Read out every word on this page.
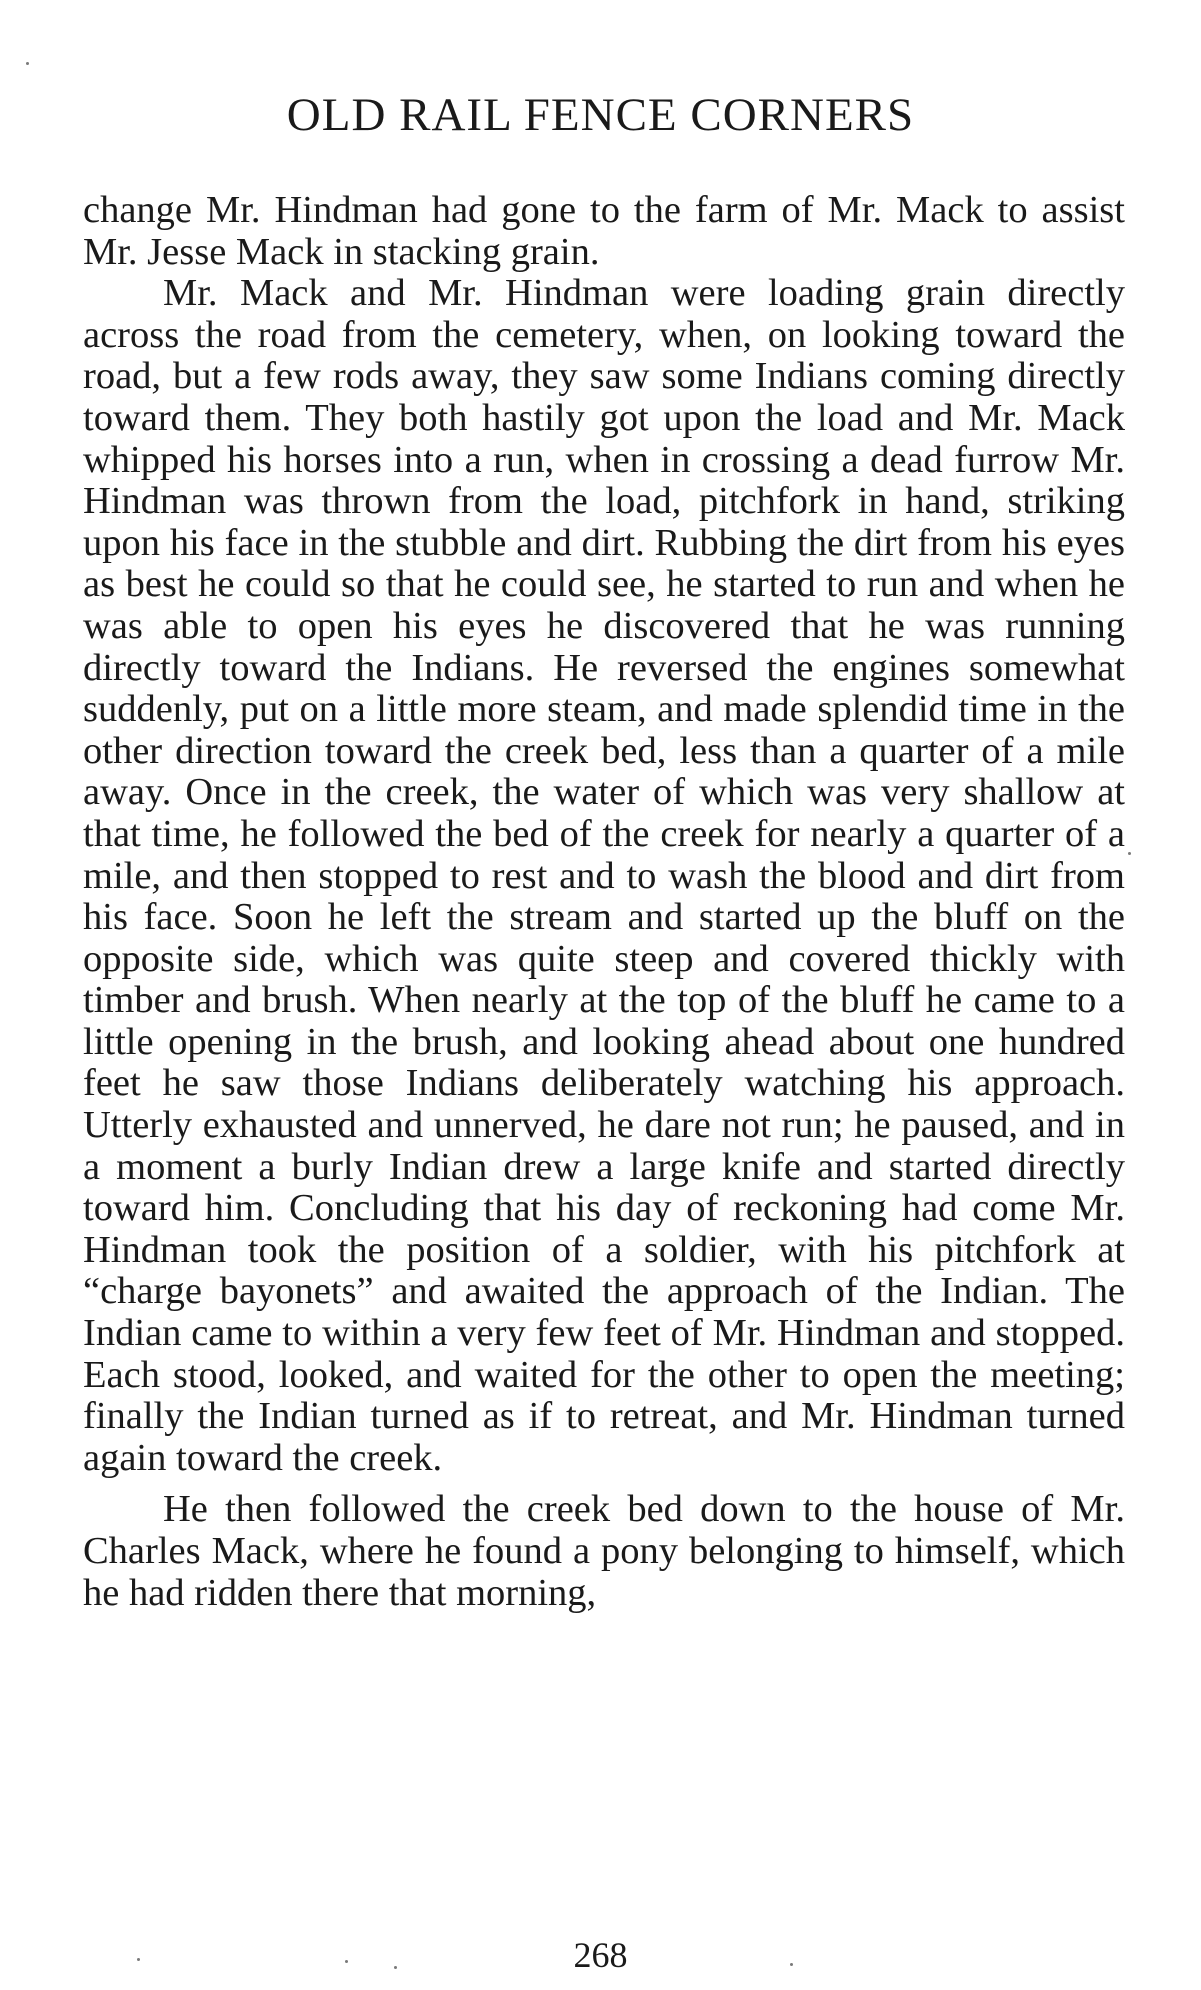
OLD RAIL FENCE CORNERS

change Mr. Hindman had gone to the farm of Mr. Mack to assist Mr. Jesse Mack in stacking grain.

Mr. Mack and Mr. Hindman were loading grain directly across the road from the cemetery, when, on looking toward the road, but a few rods away, they saw some Indians coming directly toward them. They both hastily got upon the load and Mr. Mack whipped his horses into a run, when in crossing a dead furrow Mr. Hindman was thrown from the load, pitchfork in hand, striking upon his face in the stubble and dirt. Rubbing the dirt from his eyes as best he could so that he could see, he started to run and when he was able to open his eyes he discovered that he was running directly toward the Indians. He reversed the engines somewhat suddenly, put on a little more steam, and made splendid time in the other direction toward the creek bed, less than a quarter of a mile away. Once in the creek, the water of which was very shallow at that time, he followed the bed of the creek for nearly a quarter of a mile, and then stopped to rest and to wash the blood and dirt from his face. Soon he left the stream and started up the bluff on the opposite side, which was quite steep and covered thickly with timber and brush. When nearly at the top of the bluff he came to a little opening in the brush, and looking ahead about one hundred feet he saw those Indians deliberately watching his approach. Utterly exhausted and unnerved, he dare not run; he paused, and in a moment a burly Indian drew a large knife and started directly toward him. Concluding that his day of reckoning had come Mr. Hindman took the position of a soldier, with his pitchfork at “charge bayonets” and awaited the approach of the Indian. The Indian came to within a very few feet of Mr. Hindman and stopped. Each stood, looked, and waited for the other to open the meeting; finally the Indian turned as if to retreat, and Mr. Hindman turned again toward the creek.

He then followed the creek bed down to the house of Mr. Charles Mack, where he found a pony belonging to himself, which he had ridden there that morning,

268
